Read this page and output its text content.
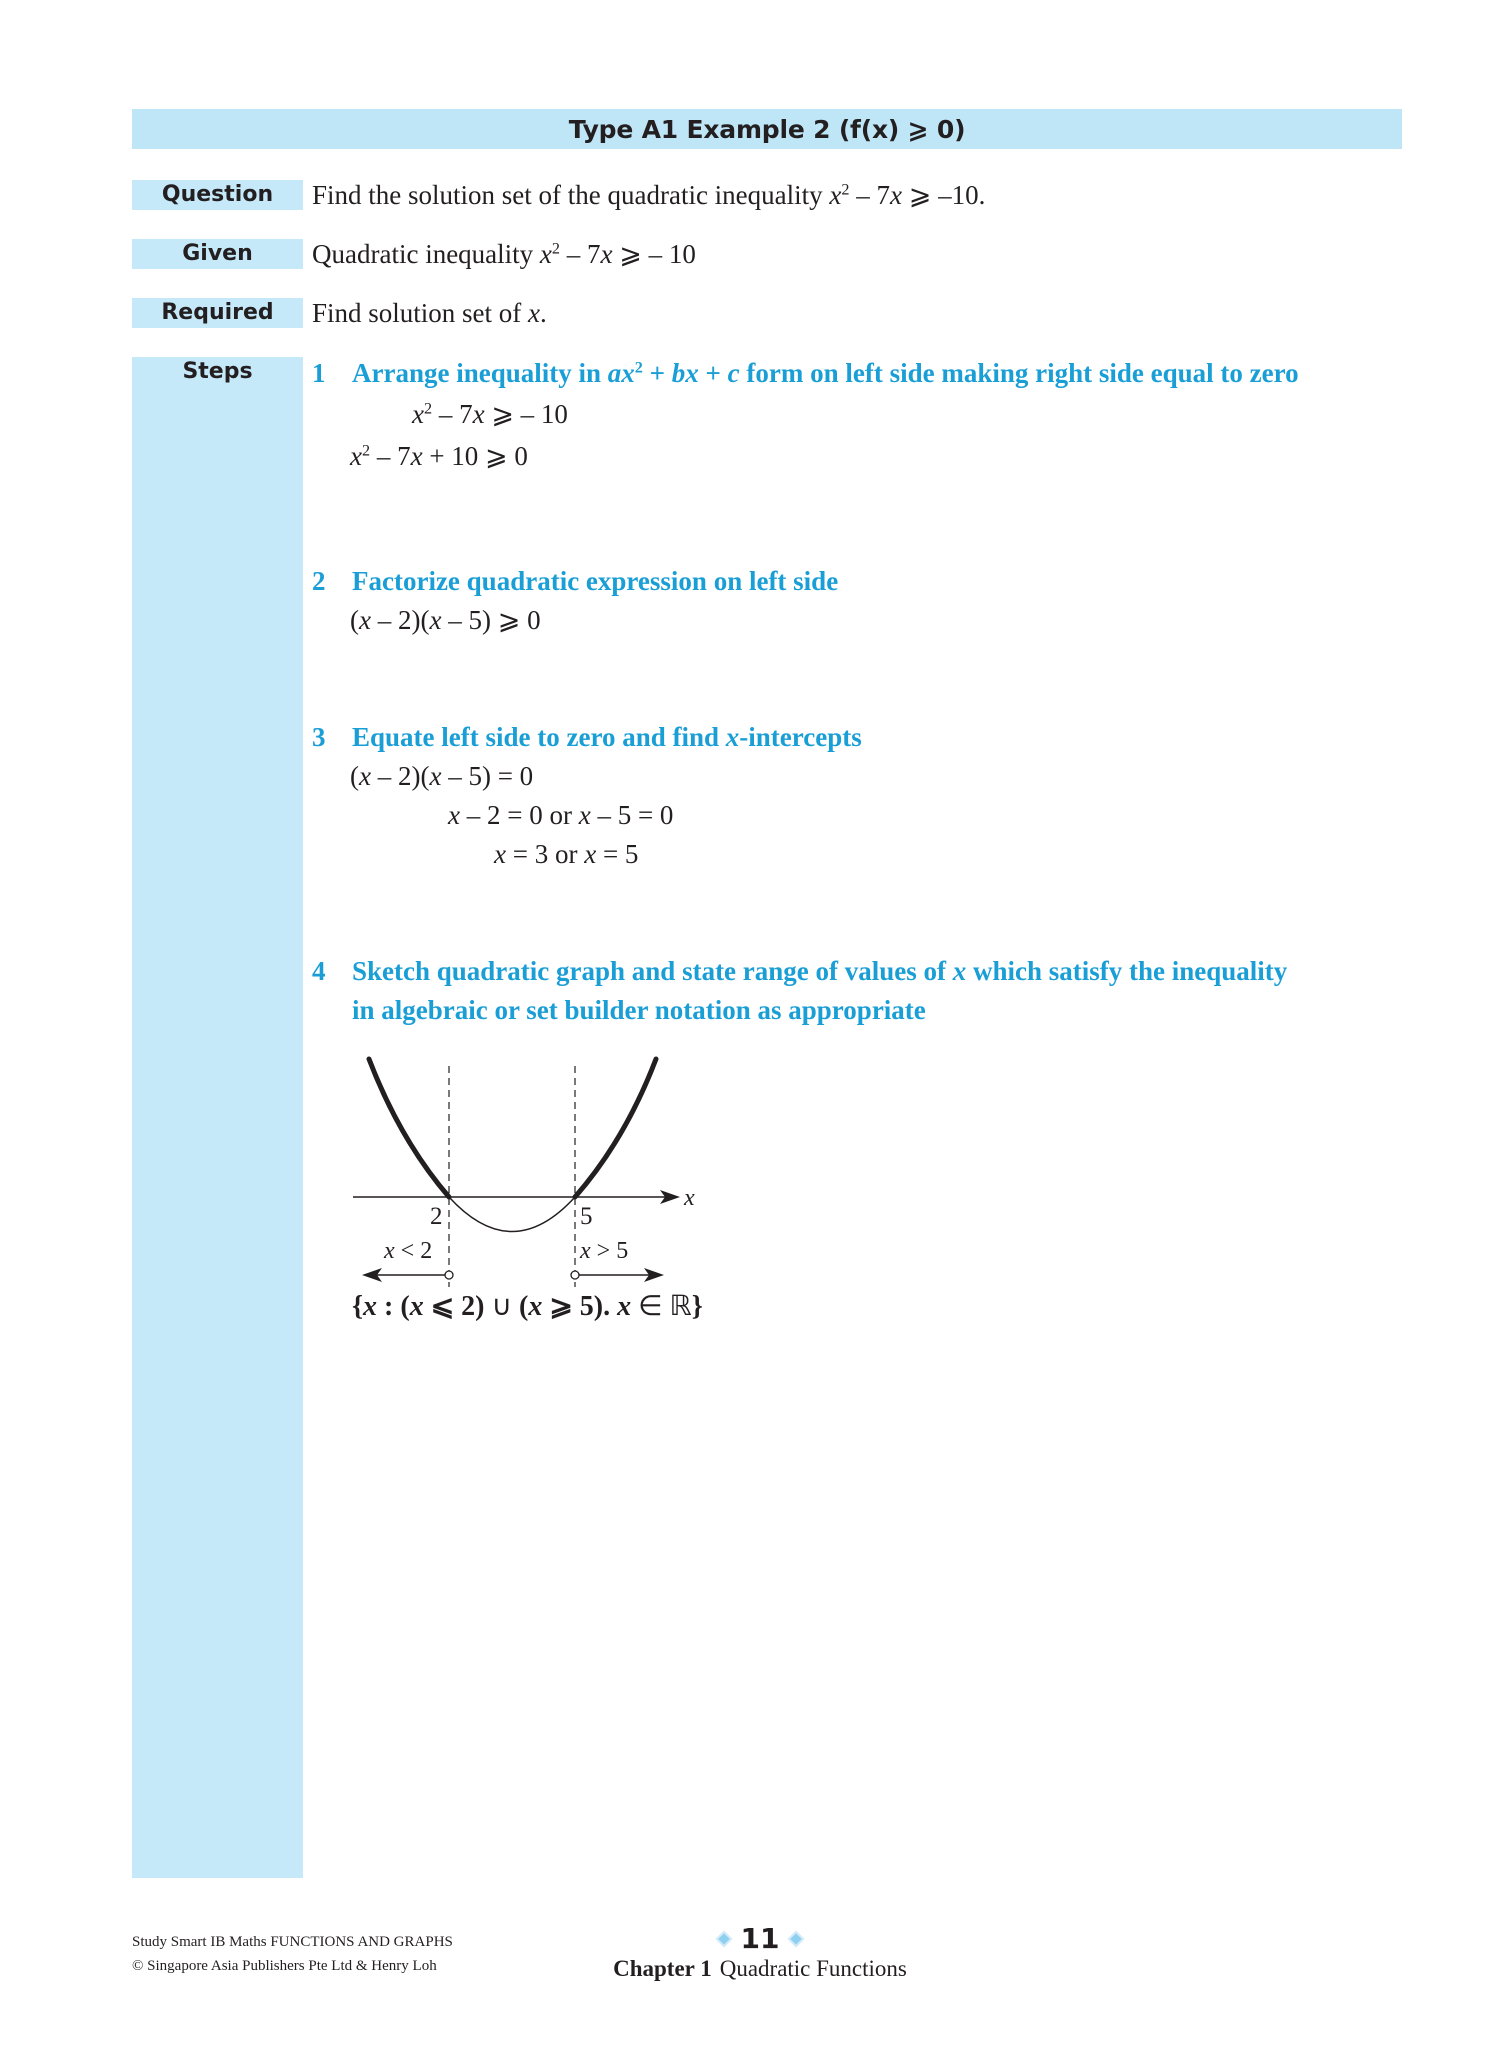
Type A1 Example 2 (f(x) ⩾ 0)
Question	Find the solution set of the quadratic inequality $x^2 - 7x$ ⩾ –10.
Given	Quadratic inequality $x^2 - 7x$ ⩾ – 10
Required	Find solution set of x.
Steps	1 Arrange inequality in $ax^2$ + bx + c form on left side making right side equal to zero
$x^2 - 7x$ ⩾ – 10
$x^2 - 7x + 10$ ⩾ 0
2 Factorize quadratic expression on left side
(x – 2)(x – 5) ⩾ 0
3 Equate left side to zero and find x-intercepts
(x – 2)(x – 5) = 0
x – 2 = 0 or x – 5 = 0
x = 3 or x = 5
4 Sketch quadratic graph and state range of values of x which satisfy the inequality
in algebraic or set builder notation as appropriate
x
2	5
x < 2	x > 5
{x : (x ⩽ 2) ∪ (x ⩾ 5). x ∈ ℝ}
Study Smart IB Maths FUNCTIONS AND GRAPHS
© Singapore Asia Publishers Pte Ltd & Henry Loh
11
Chapter 1 Quadratic Functions
